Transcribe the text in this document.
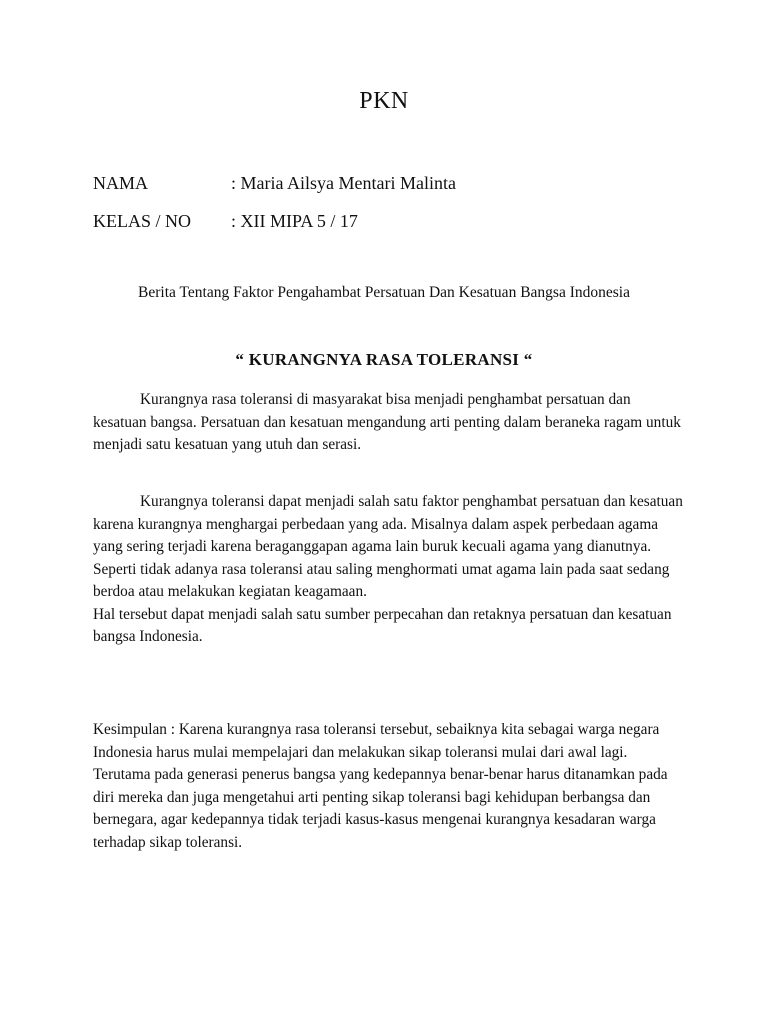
PKN
NAMA	: Maria Ailsya Mentari Malinta
KELAS / NO : XII MIPA 5 / 17
Berita Tentang Faktor Pengahambat Persatuan Dan Kesatuan Bangsa Indonesia
“ KURANGNYA RASA TOLERANSI “

Kurangnya rasa toleransi di masyarakat bisa menjadi penghambat persatuan dan kesatuan bangsa. Persatuan dan kesatuan mengandung arti penting dalam beraneka ragam untuk menjadi satu kesatuan yang utuh dan serasi.

Kurangnya toleransi dapat menjadi salah satu faktor penghambat persatuan dan kesatuan karena kurangnya menghargai perbedaan yang ada. Misalnya dalam aspek perbedaan agama yang sering terjadi karena beraganggapan agama lain buruk kecuali agama yang dianutnya. Seperti tidak adanya rasa toleransi atau saling menghormati umat agama lain pada saat sedang berdoa atau melakukan kegiatan keagamaan.

Hal tersebut dapat menjadi salah satu sumber perpecahan dan retaknya persatuan dan kesatuan bangsa Indonesia.

Kesimpulan : Karena kurangnya rasa toleransi tersebut, sebaiknya kita sebagai warga negara Indonesia harus mulai mempelajari dan melakukan sikap toleransi mulai dari awal lagi. Terutama pada generasi penerus bangsa yang kedepannya benar-benar harus ditanamkan pada diri mereka dan juga mengetahui arti penting sikap toleransi bagi kehidupan berbangsa dan bernegara, agar kedepannya tidak terjadi kasus-kasus mengenai kurangnya kesadaran warga terhadap sikap toleransi.
